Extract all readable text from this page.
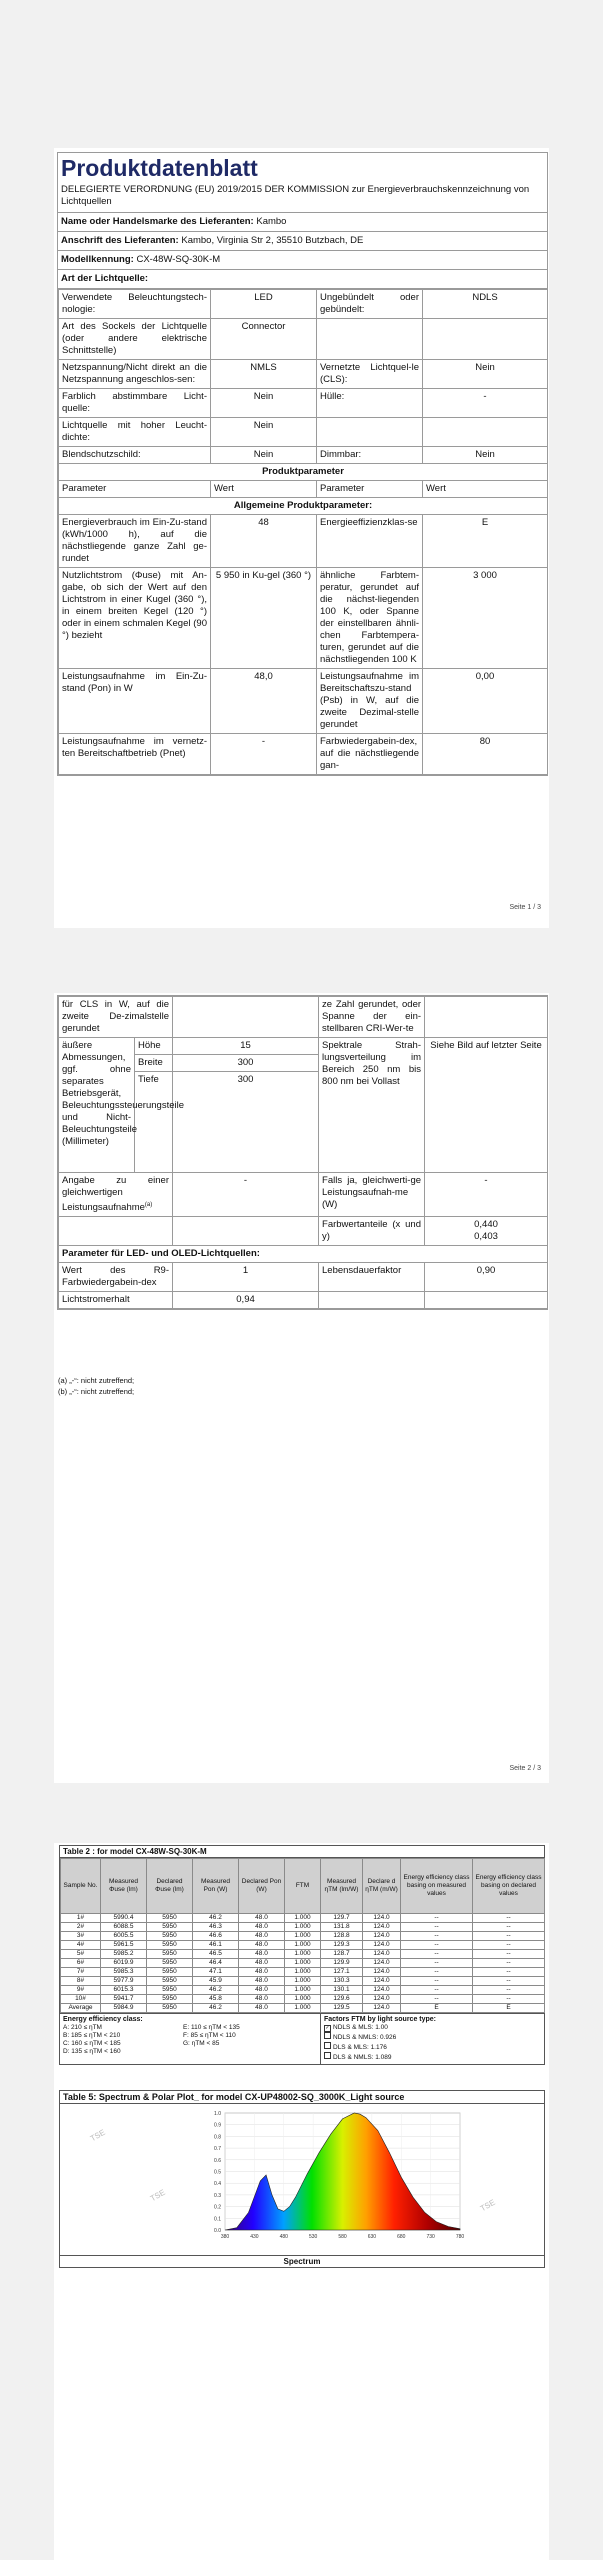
Produktdatenblatt
DELEGIERTE VERORDNUNG (EU) 2019/2015 DER KOMMISSION zur Energieverbrauchskennzeichnung von Lichtquellen
Name oder Handelsmarke des Lieferanten: Kambo
Anschrift des Lieferanten: Kambo, Virginia Str 2, 35510 Butzbach, DE
Modellkennung: CX-48W-SQ-30K-M
Art der Lichtquelle:
Verwendete Beleuchtungstech-nologie:	LED	Ungebündelt oder gebündelt:	NDLS
Art des Sockels der Lichtquelle (oder andere elektrische Schnittstelle)	Connector		
Netzspannung/Nicht direkt an die Netzspannung angeschlos-sen:	NMLS	Vernetzte Lichtquel-le (CLS):	Nein
Farblich abstimmbare Licht-quelle:	Nein	Hülle:	-
Lichtquelle mit hoher Leucht-dichte:	Nein		
Blendschutzschild:	Nein	Dimmbar:	Nein
Produktparameter			
Parameter	Wert	Parameter	Wert
Allgemeine Produktparameter:			
Energieverbrauch im Ein-Zu-stand (kWh/1000 h), auf die nächstliegende ganze Zahl ge-rundet	48	Energieeffizienzklas-se	E
Nutzlichtstrom (Φuse) mit An-gabe, ob sich der Wert auf den Lichtstrom in einer Kugel (360 °), in einem breiten Kegel (120 °) oder in einem schmalen Kegel (90 °) bezieht	5 950 in Ku-gel (360 °)	ähnliche Farbtem-peratur, gerundet auf die nächst-liegenden 100 K, oder Spanne der einstellbaren ähnli-chen Farbtempera-turen, gerundet auf die nächstliegenden 100 K	3 000
Leistungsaufnahme im Ein-Zu-stand (Pon) in W	48,0	Leistungsaufnahme im Bereitschaftszu-stand (Psb) in W, auf die zweite Dezimal-stelle gerundet	0,00
Leistungsaufnahme im vernetz-ten Bereitschaftbetrieb (Pnet)	-	Farbwiedergabein-dex, auf die nächstliegende gan-	80
Seite 1 / 3
für CLS in W, auf die zweite De-zimalstelle gerundet			ze Zahl gerundet, oder Spanne der ein-stellbaren CRI-Wer-te	
äußere Abmessungen, ggf. ohne separates Betriebsgerät, Beleuchtungssteuerungsteile und Nicht-Beleuchtungsteile (Millimeter)	Höhe	15	Spektrale Strah-lungsverteilung im Bereich 250 nm bis 800 nm bei Vollast	Siehe Bild auf letzter Seite
	Breite	300		
	Tiefe	300		
Angabe zu einer gleichwertigen Leistungsaufnahme$^{(a)}$		-	Falls ja, gleichwerti-ge Leistungsaufnah-me (W)	-
			Farbwertanteile (x und y)	0,440
0,403

Parameter für LED- und OLED-Lichtquellen:				
Wert des R9-Farbwiedergabein-dex		1	Lebensdauerfaktor	0,90
Lichtstromerhalt		0,94		
(a) „-“: nicht zutreffend;
(b) „-“: nicht zutreffend;
Seite 2 / 3
Table 2 : for model CX-48W-SQ-30K-M
Sample No.	Measured Φuse (lm)	Declared Φuse (lm)	Measured Pon (W)	Declared Pon (W)	FTM	Measured ηTM (lm/W)	Declare d ηTM (m/W)	Energy efficiency class basing on measured values	Energy efficiency class basing on declared values
1#	5990.4	5950	46.2	48.0	1.000	129.7	124.0	--	--
2#	6088.5	5950	46.3	48.0	1.000	131.8	124.0	--	--
3#	6005.5	5950	46.6	48.0	1.000	128.8	124.0	--	--
4#	5961.5	5950	46.1	48.0	1.000	129.3	124.0	--	--
5#	5985.2	5950	46.5	48.0	1.000	128.7	124.0	--	--
6#	6019.9	5950	46.4	48.0	1.000	129.9	124.0	--	--
7#	5985.3	5950	47.1	48.0	1.000	127.1	124.0	--	--
8#	5977.9	5950	45.9	48.0	1.000	130.3	124.0	--	--
9#	6015.3	5950	46.2	48.0	1.000	130.1	124.0	--	--
10#	5941.7	5950	45.8	48.0	1.000	129.6	124.0	--	--
Average	5984.9	5950	46.2	48.0	1.000	129.5	124.0	E	E
Energy efficiency class:
A: 210 ≤ ηTM
B: 185 ≤ ηTM < 210
C: 160 ≤ ηTM < 185
D: 135 ≤ ηTM < 160
E: 110 ≤ ηTM < 135
F: 85 ≤ ηTM < 110
G: ηTM < 85
Factors FTM by light source type:
✓ NDLS & MLS: 1.00
NDLS & NMLS: 0.926
DLS & MLS: 1.176
DLS & NMLS: 1.089
Table 5: Spectrum & Polar Plot_ for model CX-UP48002-SQ_3000K_Light source
TSE
TSE
TSE
0.0
0.1
0.2
0.3
0.4
0.5
0.6
0.7
0.8
0.9
1.0
380	430	480	530	580	630	680	730	780
Spectrum
